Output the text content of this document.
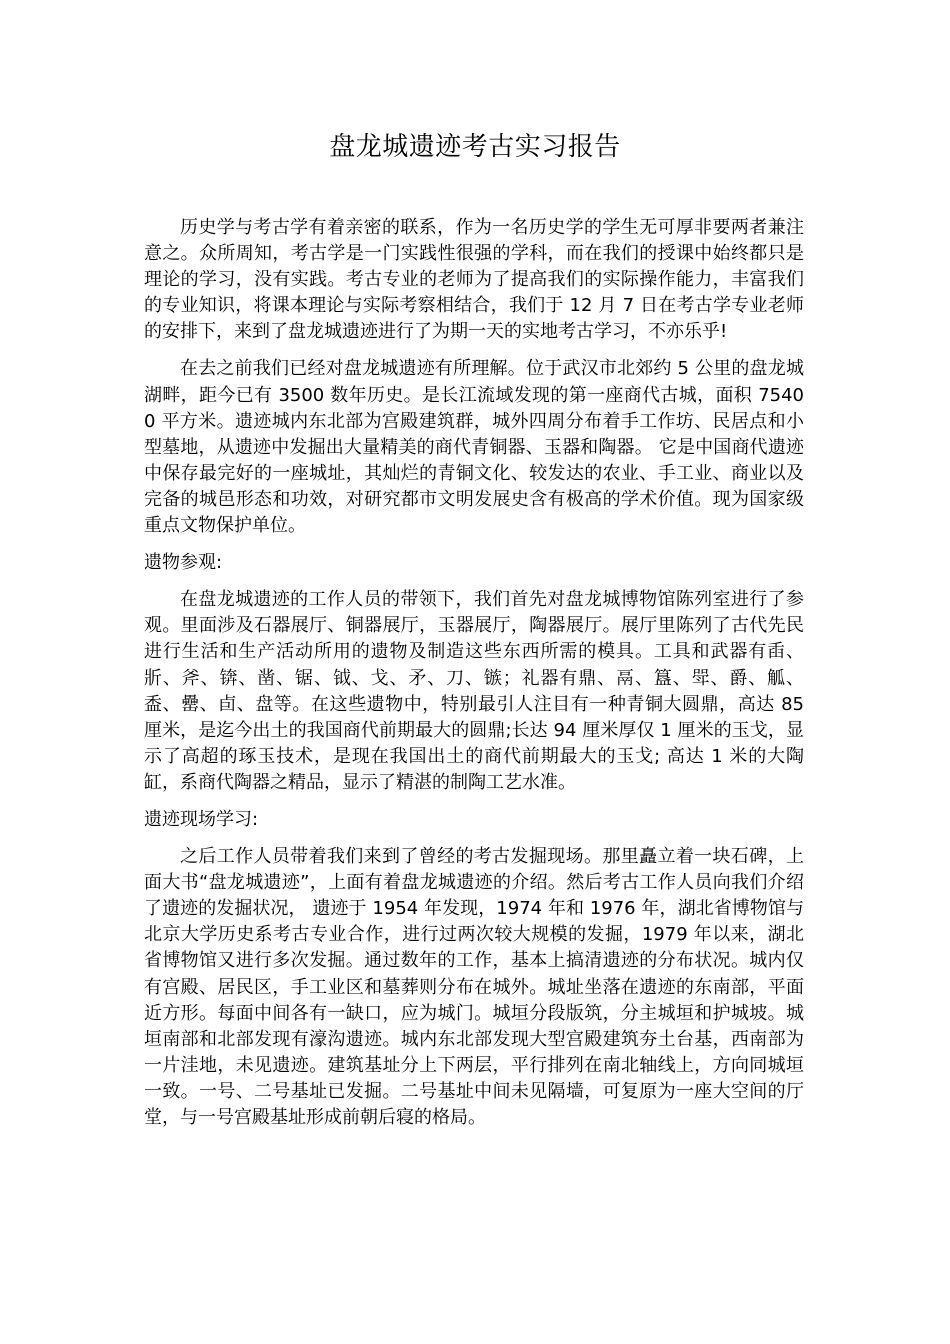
盘龙城遗迹考古实习报告

历史学与考古学有着亲密的联系，作为一名历史学的学生无可厚非要两者兼注意之。众所周知，考古学是一门实践性很强的学科，而在我们的授课中始终都只是理论的学习，没有实践。考古专业的老师为了提高我们的实际操作能力，丰富我们的专业知识，将课本理论与实际考察相结合，我们于 12 月 7 日在考古学专业老师的安排下，来到了盘龙城遗迹进行了为期一天的实地考古学习，不亦乐乎!

在去之前我们已经对盘龙城遗迹有所理解。位于武汉市北郊约 5 公里的盘龙城湖畔，距今已有 3500 数年历史。是长江流域发现的第一座商代古城，面积 75400 平方米。遗迹城内东北部为宫殿建筑群，城外四周分布着手工作坊、民居点和小型墓地，从遗迹中发掘出大量精美的商代青铜器、玉器和陶器。 它是中国商代遗迹中保存最完好的一座城址，其灿烂的青铜文化、较发达的农业、手工业、商业以及完备的城邑形态和功效，对研究都市文明发展史含有极高的学术价值。现为国家级重点文物保护单位。

遗物参观:

在盘龙城遗迹的工作人员的带领下，我们首先对盘龙城博物馆陈列室进行了参观。里面涉及石器展厅、铜器展厅，玉器展厅，陶器展厅。展厅里陈列了古代先民进行生活和生产活动所用的遗物及制造这些东西所需的模具。工具和武器有臿、斨、斧、锛、凿、锯、钺、戈、矛、刀、镞；礼器有鼎、鬲、簋、斝、爵、觚、盉、罍、卣、盘等。在这些遗物中，特别最引人注目有一种青铜大圆鼎，高达 85 厘米，是迄今出土的我国商代前期最大的圆鼎;长达 94 厘米厚仅 1 厘米的玉戈，显示了高超的琢玉技术，是现在我国出土的商代前期最大的玉戈; 高达 1 米的大陶缸，系商代陶器之精品，显示了精湛的制陶工艺水准。

遗迹现场学习:

之后工作人员带着我们来到了曾经的考古发掘现场。那里矗立着一块石碑，上面大书“盘龙城遗迹”，上面有着盘龙城遗迹的介绍。然后考古工作人员向我们介绍了遗迹的发掘状况， 遗迹于 1954 年发现，1974 年和 1976 年，湖北省博物馆与北京大学历史系考古专业合作，进行过两次较大规模的发掘，1979 年以来，湖北省博物馆又进行多次发掘。通过数年的工作，基本上搞清遗迹的分布状况。城内仅有宫殿、居民区，手工业区和墓葬则分布在城外。城址坐落在遗迹的东南部，平面近方形。每面中间各有一缺口，应为城门。城垣分段版筑，分主城垣和护城坡。城垣南部和北部发现有濠沟遗迹。城内东北部发现大型宫殿建筑夯土台基，西南部为一片洼地，未见遗迹。建筑基址分上下两层，平行排列在南北轴线上，方向同城垣一致。一号、二号基址已发掘。二号基址中间未见隔墙，可复原为一座大空间的厅堂，与一号宫殿基址形成前朝后寝的格局。
